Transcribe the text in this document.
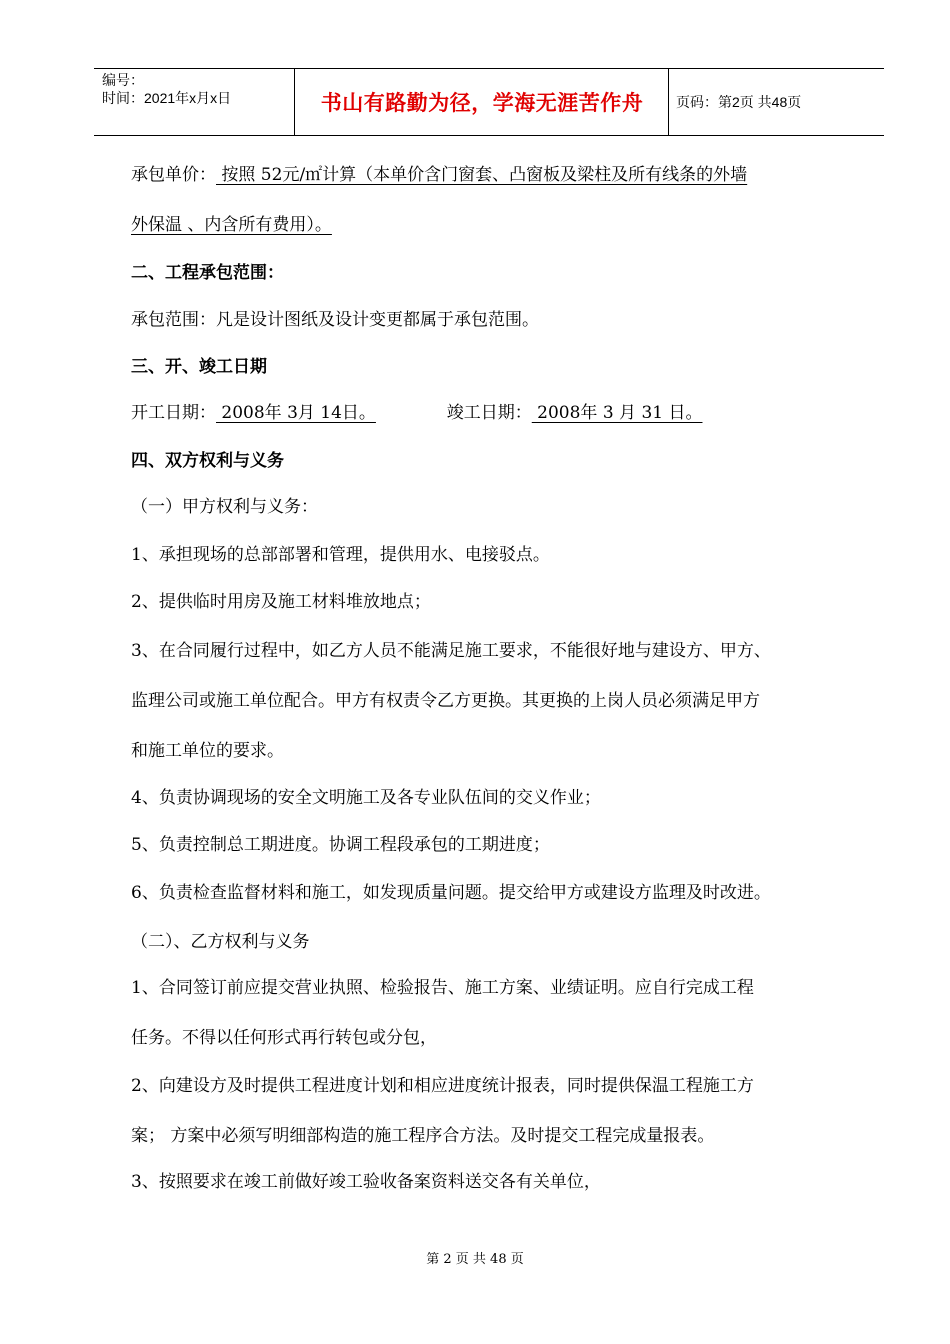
编号：
时间：2021年x月x日	书山有路勤为径，学海无涯苦作舟	页码：第2页 共48页
承包单价： 按照 52元/㎡计算（本单价含门窗套、凸窗板及梁柱及所有线条的外墙
外保温 、内含所有费用）。
二、工程承包范围：
承包范围：凡是设计图纸及设计变更都属于承包范围。
三、开、竣工日期
开工日期： 2008年 3月 14日。	竣工日期： 2008年 3 月 31 日。
四、双方权利与义务
（一）甲方权利与义务：
1、承担现场的总部部署和管理，提供用水、电接驳点。
2、提供临时用房及施工材料堆放地点；
3、在合同履行过程中，如乙方人员不能满足施工要求，不能很好地与建设方、甲方、
监理公司或施工单位配合。甲方有权责令乙方更换。其更换的上岗人员必须满足甲方
和施工单位的要求。
4、负责协调现场的安全文明施工及各专业队伍间的交义作业；
5、负责控制总工期进度。协调工程段承包的工期进度；
6、负责检查监督材料和施工，如发现质量问题。提交给甲方或建设方监理及时改进。
（二）、乙方权利与义务
1、合同签订前应提交营业执照、检验报告、施工方案、业绩证明。应自行完成工程
任务。不得以任何形式再行转包或分包，
2、向建设方及时提供工程进度计划和相应进度统计报表，同时提供保温工程施工方
案； 方案中必须写明细部构造的施工程序合方法。及时提交工程完成量报表。
3、按照要求在竣工前做好竣工验收备案资料送交各有关单位，
第 2 页 共 48 页
